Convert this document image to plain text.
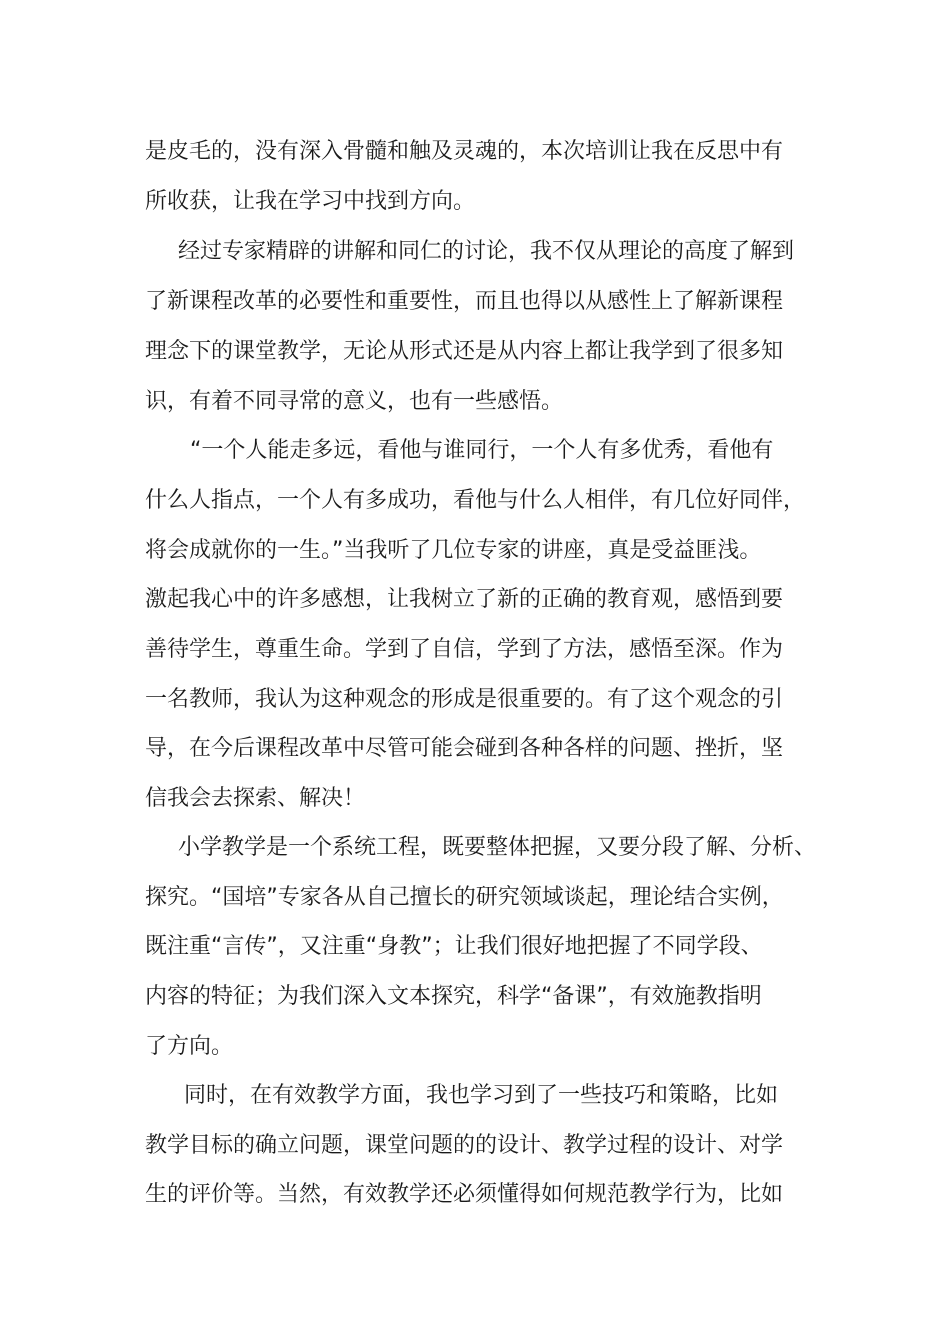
是皮毛的，没有深入骨髓和触及灵魂的，本次培训让我在反思中有

所收获，让我在学习中找到方向。

经过专家精辟的讲解和同仁的讨论，我不仅从理论的高度了解到

了新课程改革的必要性和重要性，而且也得以从感性上了解新课程

理念下的课堂教学，无论从形式还是从内容上都让我学到了很多知

识，有着不同寻常的意义，也有一些感悟。

“一个人能走多远，看他与谁同行，一个人有多优秀，看他有

什么人指点，一个人有多成功，看他与什么人相伴，有几位好同伴，

将会成就你的一生。”当我听了几位专家的讲座，真是受益匪浅。

激起我心中的许多感想，让我树立了新的正确的教育观，感悟到要

善待学生，尊重生命。学到了自信，学到了方法，感悟至深。作为

一名教师，我认为这种观念的形成是很重要的。有了这个观念的引

导，在今后课程改革中尽管可能会碰到各种各样的问题、挫折，坚

信我会去探索、解决！

小学教学是一个系统工程，既要整体把握，又要分段了解、分析、

探究。“国培”专家各从自己擅长的研究领域谈起，理论结合实例，

既注重“言传”，又注重“身教”；让我们很好地把握了不同学段、

内容的特征；为我们深入文本探究，科学“备课”，有效施教指明

了方向。

同时，在有效教学方面，我也学习到了一些技巧和策略，比如

教学目标的确立问题，课堂问题的的设计、教学过程的设计、对学

生的评价等。当然，有效教学还必须懂得如何规范教学行为，比如
